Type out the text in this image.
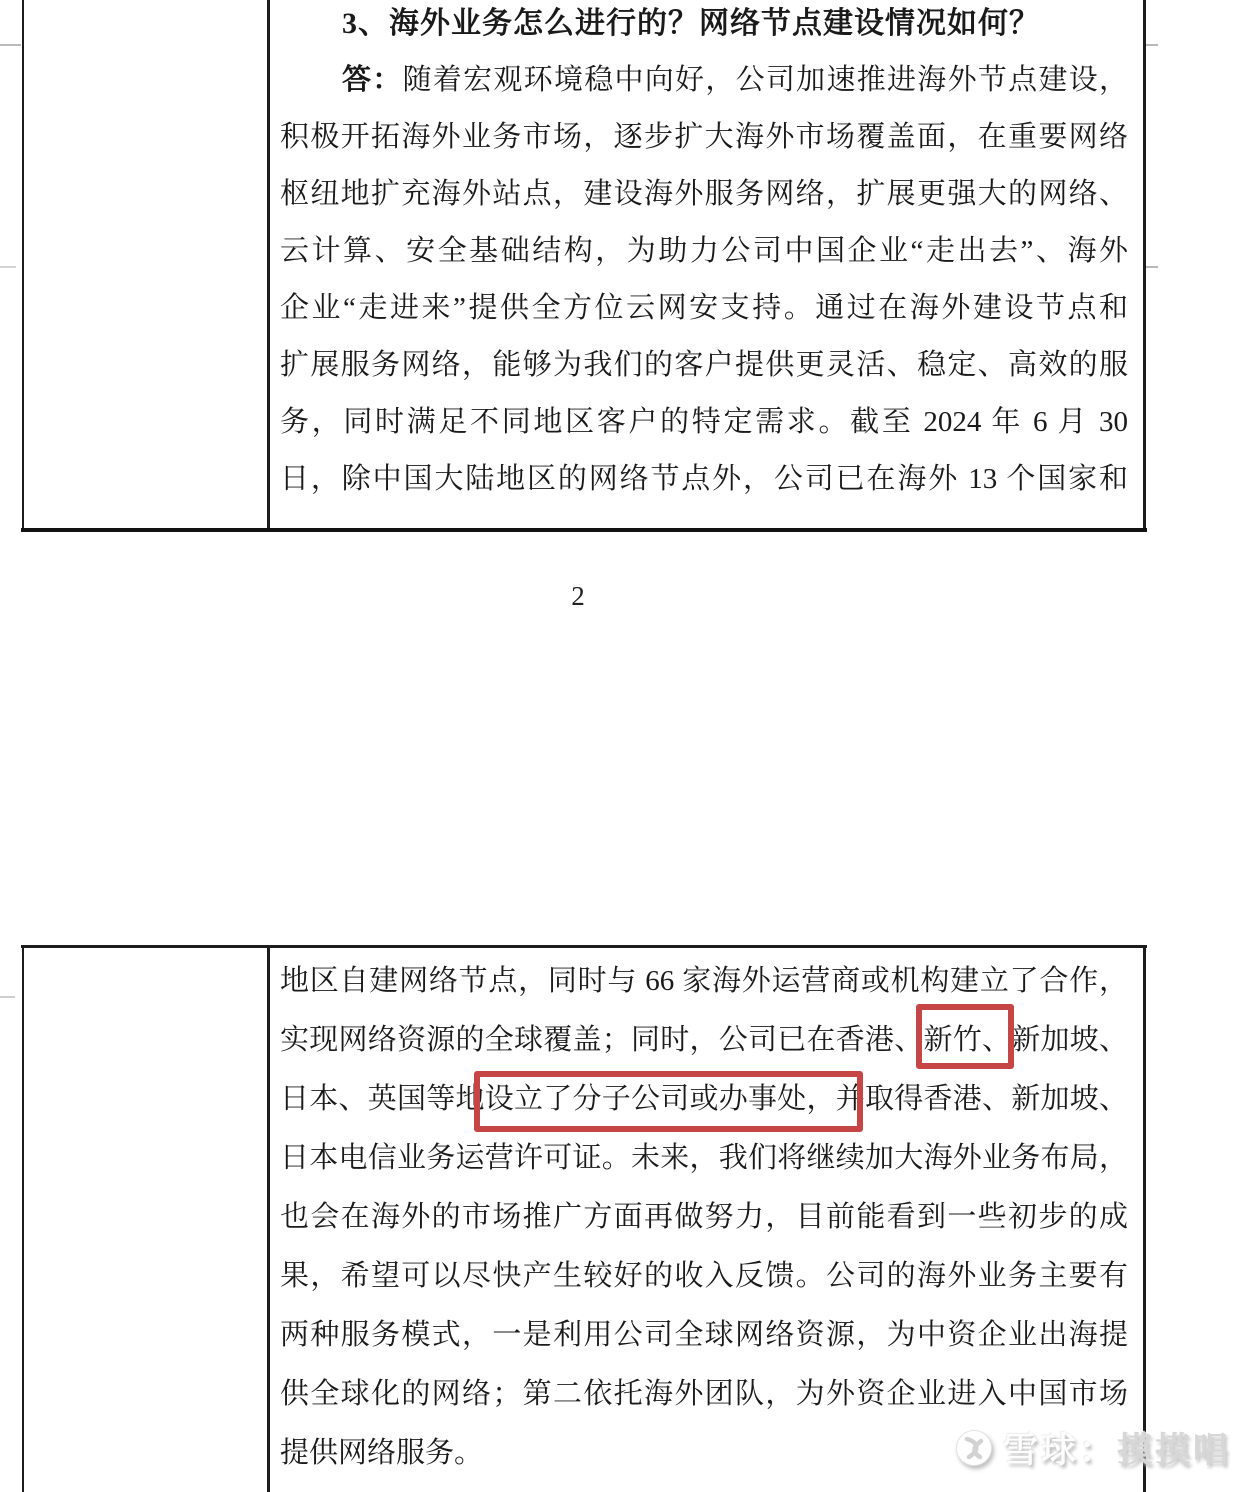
3、海外业务怎么进行的？网络节点建设情况如何？
答：随着宏观环境稳中向好，公司加速推进海外节点建设，
积极开拓海外业务市场，逐步扩大海外市场覆盖面，在重要网络
枢纽地扩充海外站点，建设海外服务网络，扩展更强大的网络、
云计算、安全基础结构，为助力公司中国企业“走出去”、海外
企业“走进来”提供全方位云网安支持。通过在海外建设节点和
扩展服务网络，能够为我们的客户提供更灵活、稳定、高效的服
务，同时满足不同地区客户的特定需求。截至 2024 年 6 月 30
日，除中国大陆地区的网络节点外，公司已在海外 13 个国家和
2
地区自建网络节点，同时与 66 家海外运营商或机构建立了合作，
实现网络资源的全球覆盖；同时，公司已在香港、新竹、新加坡、
日本、英国等地设立了分子公司或办事处，并取得香港、新加坡、
日本电信业务运营许可证。未来，我们将继续加大海外业务布局，
也会在海外的市场推广方面再做努力，目前能看到一些初步的成
果，希望可以尽快产生较好的收入反馈。公司的海外业务主要有
两种服务模式，一是利用公司全球网络资源，为中资企业出海提
供全球化的网络；第二依托海外团队，为外资企业进入中国市场
提供网络服务。	雪球 ： 摸摸唱
